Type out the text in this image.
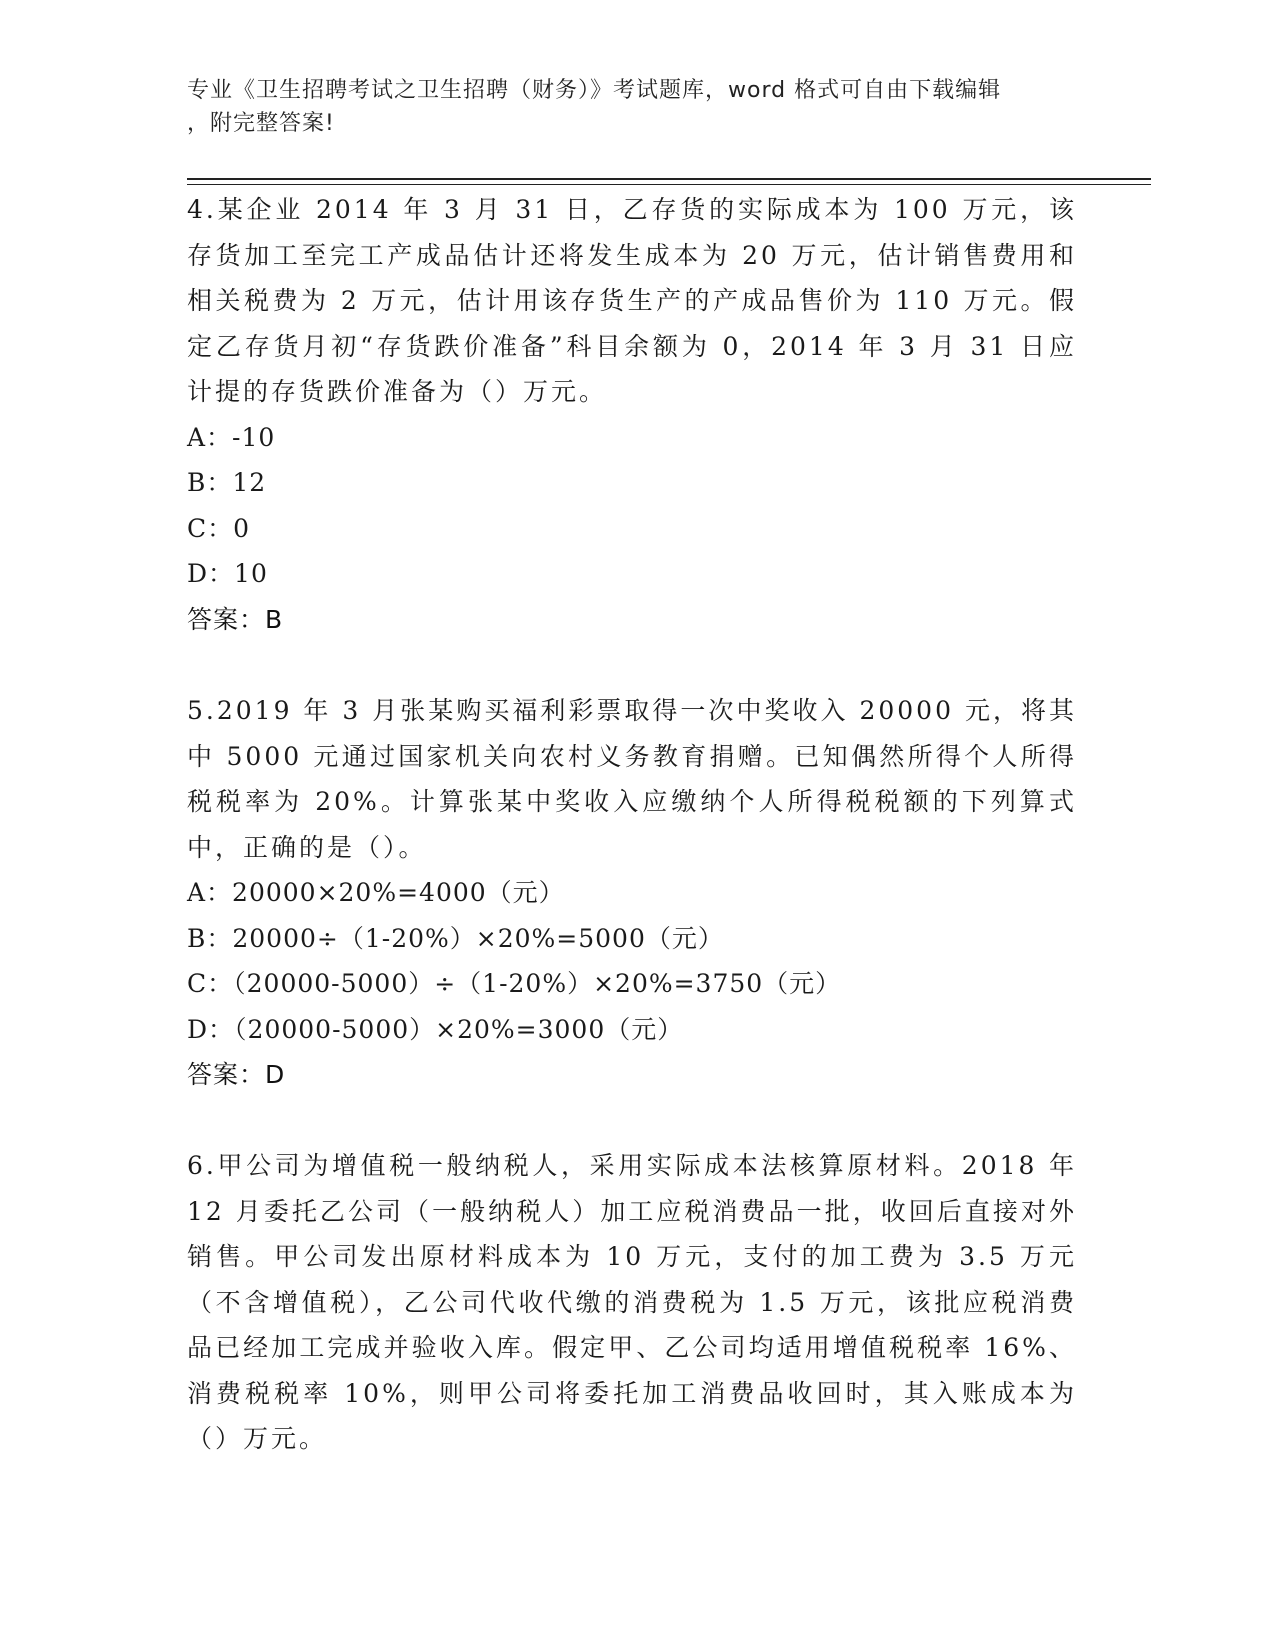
专业《卫生招聘考试之卫生招聘（财务）》考试题库，word 格式可自由下载编辑
，附完整答案!

4.某企业 2014 年 3 月 31 日，乙存货的实际成本为 100 万元，该存货加工至完工产成品估计还将发生成本为 20 万元，估计销售费用和相关税费为 2 万元，估计用该存货生产的产成品售价为 110 万元。假定乙存货月初“存货跌价准备”科目余额为 0，2014 年 3 月 31 日应计提的存货跌价准备为（）万元。

A：-10
B：12
C：0
D：10

答案：B

5.2019 年 3 月张某购买福利彩票取得一次中奖收入 20000 元，将其中 5000 元通过国家机关向农村义务教育捐赠。已知偶然所得个人所得税税率为 20%。计算张某中奖收入应缴纳个人所得税税额的下列算式中，正确的是（）。

A：20000×20%=4000（元）
B：20000÷（1-20%）×20%=5000（元）
C：（20000-5000）÷（1-20%）×20%=3750（元）
D：（20000-5000）×20%=3000（元）

答案：D

6.甲公司为增值税一般纳税人，采用实际成本法核算原材料。2018 年 12 月委托乙公司（一般纳税人）加工应税消费品一批，收回后直接对外销售。甲公司发出原材料成本为 10 万元，支付的加工费为 3.5 万元（不含增值税），乙公司代收代缴的消费税为 1.5 万元，该批应税消费品已经加工完成并验收入库。假定甲、乙公司均适用增值税税率 16%、消费税税率 10%，则甲公司将委托加工消费品收回时，其入账成本为（）万元。
